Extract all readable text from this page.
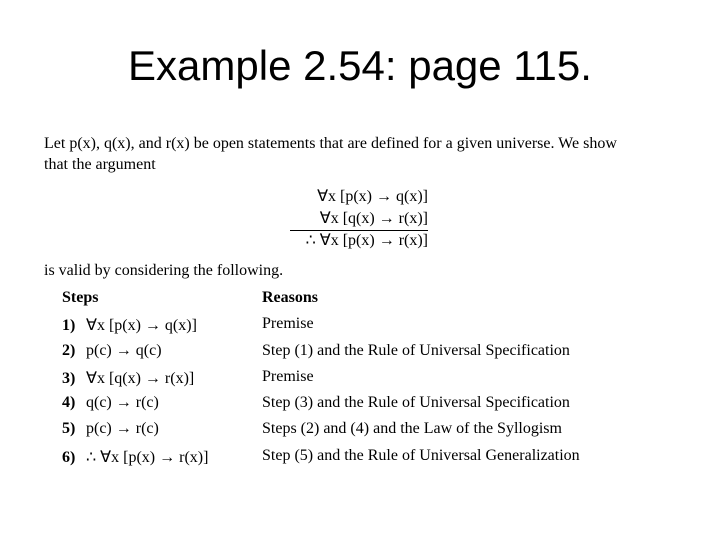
Example 2.54: page 115.
Let p(x), q(x), and r(x) be open statements that are defined for a given universe. We show
that the argument
∀x [p(x) → q(x)]
∀x [q(x) → r(x)]
∴ ∀x [p(x) → r(x)]
is valid by considering the following.
Steps	Reasons
1) ∀x [p(x) → q(x)]	Premise
2) p(c) → q(c)	Step (1) and the Rule of Universal Specification
3) ∀x [q(x) → r(x)]	Premise
4) q(c) → r(c)	Step (3) and the Rule of Universal Specification
5) p(c) → r(c)	Steps (2) and (4) and the Law of the Syllogism
6) ∴ ∀x [p(x) → r(x)]	Step (5) and the Rule of Universal Generalization
